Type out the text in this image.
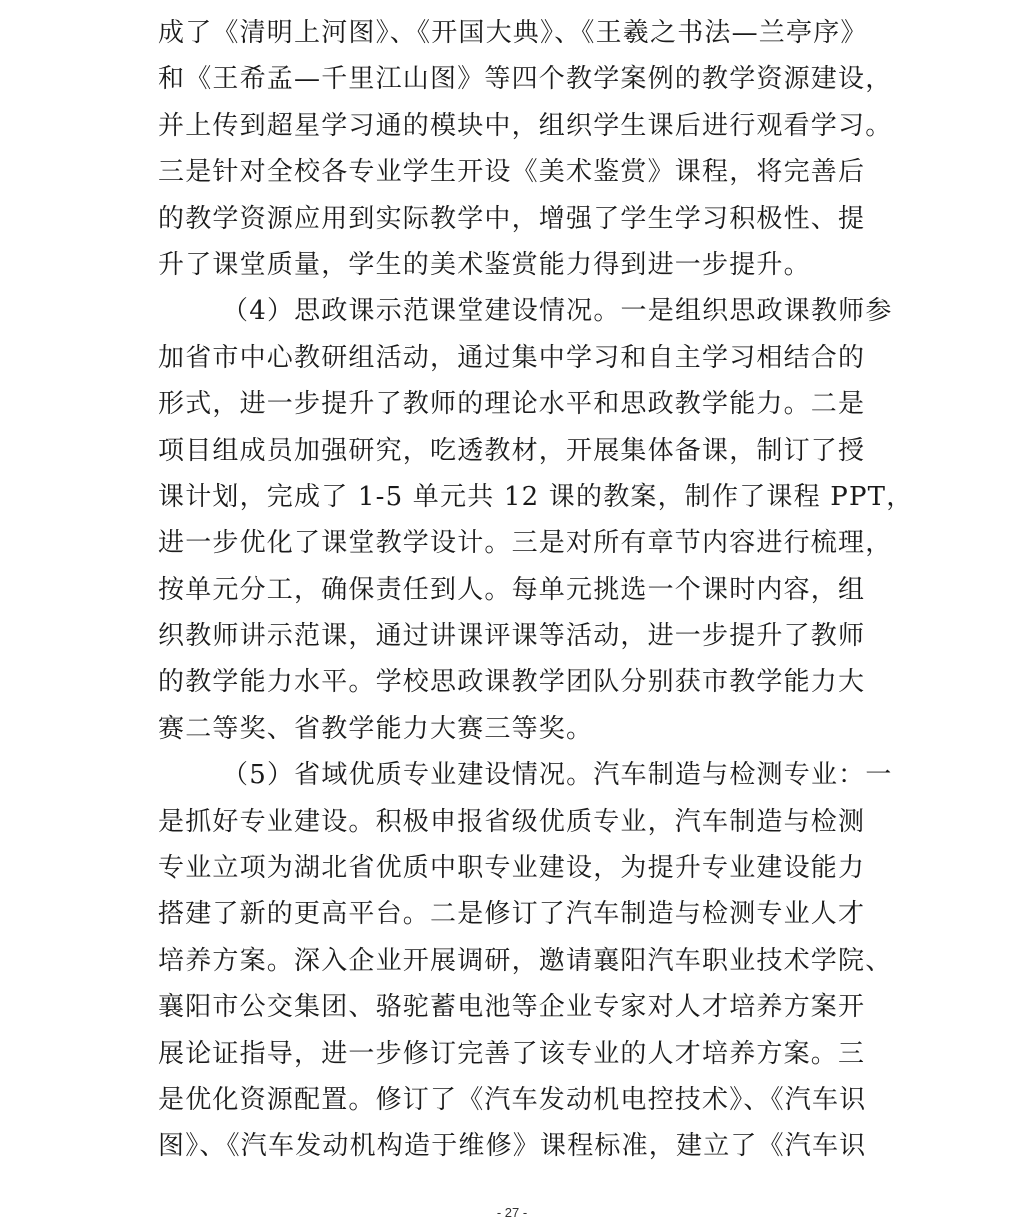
成了《清明上河图》、《开国大典》、《王羲之书法—兰亭序》
和《王希孟—千里江山图》等四个教学案例的教学资源建设，
并上传到超星学习通的模块中，组织学生课后进行观看学习。
三是针对全校各专业学生开设《美术鉴赏》课程，将完善后
的教学资源应用到实际教学中，增强了学生学习积极性、提
升了课堂质量，学生的美术鉴赏能力得到进一步提升。
（4）思政课示范课堂建设情况。一是组织思政课教师参
加省市中心教研组活动，通过集中学习和自主学习相结合的
形式，进一步提升了教师的理论水平和思政教学能力。二是
项目组成员加强研究，吃透教材，开展集体备课，制订了授
课计划，完成了 1-5 单元共 12 课的教案，制作了课程 PPT，
进一步优化了课堂教学设计。三是对所有章节内容进行梳理，
按单元分工，确保责任到人。每单元挑选一个课时内容，组
织教师讲示范课，通过讲课评课等活动，进一步提升了教师
的教学能力水平。学校思政课教学团队分别获市教学能力大
赛二等奖、省教学能力大赛三等奖。
（5）省域优质专业建设情况。汽车制造与检测专业：一
是抓好专业建设。积极申报省级优质专业，汽车制造与检测
专业立项为湖北省优质中职专业建设，为提升专业建设能力
搭建了新的更高平台。二是修订了汽车制造与检测专业人才
培养方案。深入企业开展调研，邀请襄阳汽车职业技术学院、
襄阳市公交集团、骆驼蓄电池等企业专家对人才培养方案开
展论证指导，进一步修订完善了该专业的人才培养方案。三
是优化资源配置。修订了《汽车发动机电控技术》、《汽车识
图》、《汽车发动机构造于维修》课程标准，建立了《汽车识
- 27 -
